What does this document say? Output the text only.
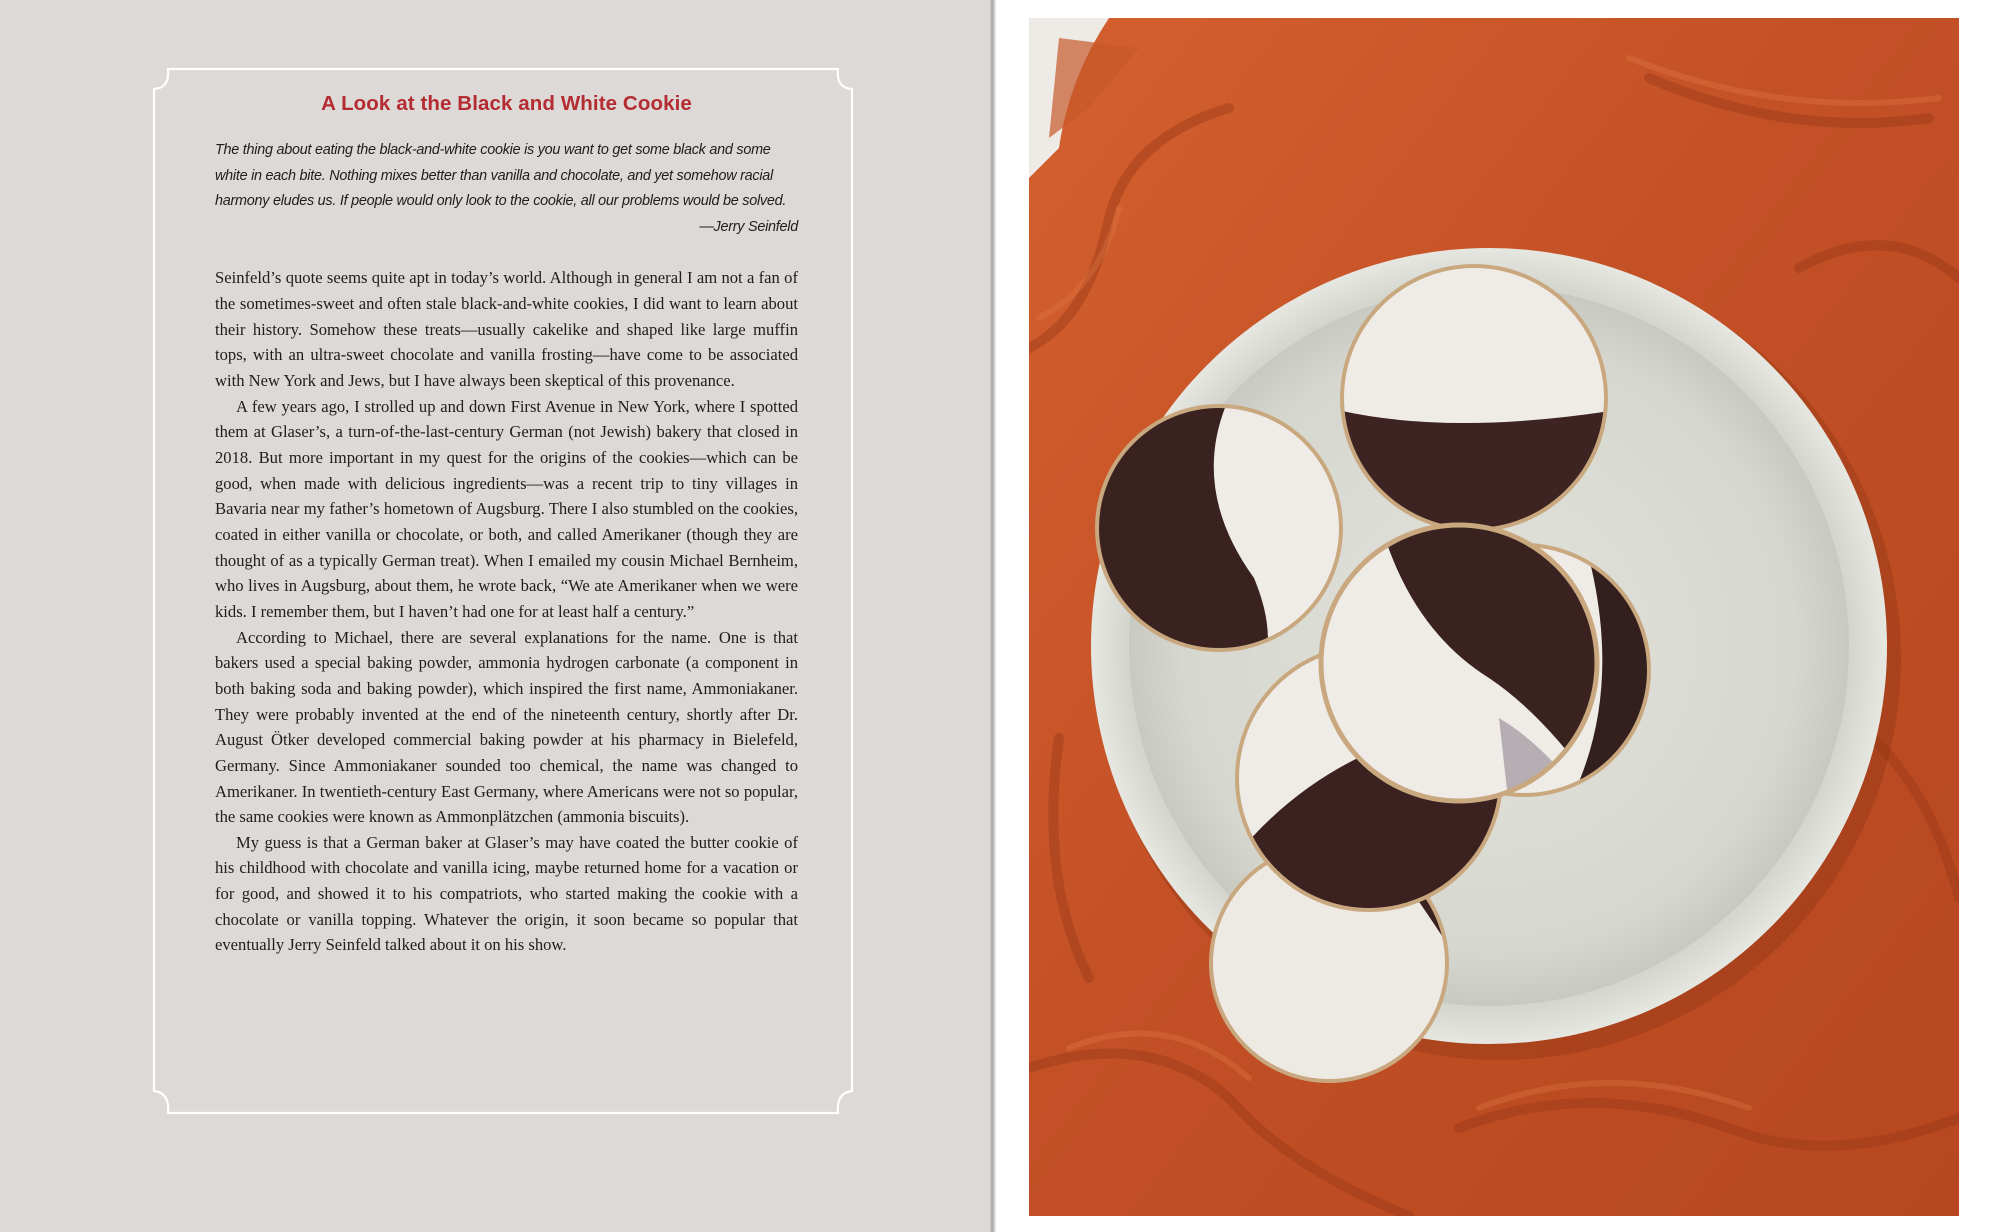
A Look at the Black and White Cookie

The thing about eating the black-and-white cookie is you want to get some black and some white in each bite. Nothing mixes better than vanilla and chocolate, and yet somehow racial harmony eludes us. If people would only look to the cookie, all our problems would be solved.

—Jerry Seinfeld

Seinfeld’s quote seems quite apt in today’s world. Although in general I am not a fan of the sometimes-sweet and often stale black-and-white cookies, I did want to learn about their history. Somehow these treats—usually cakelike and shaped like large muffin tops, with an ultra-sweet chocolate and vanilla frosting—have come to be associated with New York and Jews, but I have always been skeptical of this provenance.

A few years ago, I strolled up and down First Avenue in New York, where I spotted them at Glaser’s, a turn-of-the-last-century German (not Jewish) bakery that closed in 2018. But more important in my quest for the origins of the cookies—which can be good, when made with delicious ingredients—was a recent trip to tiny villages in Bavaria near my father’s hometown of Augsburg. There I also stumbled on the cookies, coated in either vanilla or chocolate, or both, and called Amerikaner (though they are thought of as a typically German treat). When I emailed my cousin Michael Bernheim, who lives in Augsburg, about them, he wrote back, “We ate Amerikaner when we were kids. I remember them, but I haven’t had one for at least half a century.”

According to Michael, there are several explanations for the name. One is that bakers used a special baking powder, ammonia hydrogen carbonate (a component in both baking soda and baking powder), which inspired the first name, Ammoniakaner. They were probably invented at the end of the nineteenth century, shortly after Dr. August Ötker developed commercial baking powder at his pharmacy in Bielefeld, Germany. Since Ammoniakaner sounded too chemical, the name was changed to Amerikaner. In twentieth-century East Germany, where Americans were not so popular, the same cookies were known as Ammonplätzchen (ammonia biscuits).

My guess is that a German baker at Glaser’s may have coated the butter cookie of his childhood with chocolate and vanilla icing, maybe returned home for a vacation or for good, and showed it to his compatriots, who started making the cookie with a chocolate or vanilla topping. Whatever the origin, it soon became so popular that eventually Jerry Seinfeld talked about it on his show.
